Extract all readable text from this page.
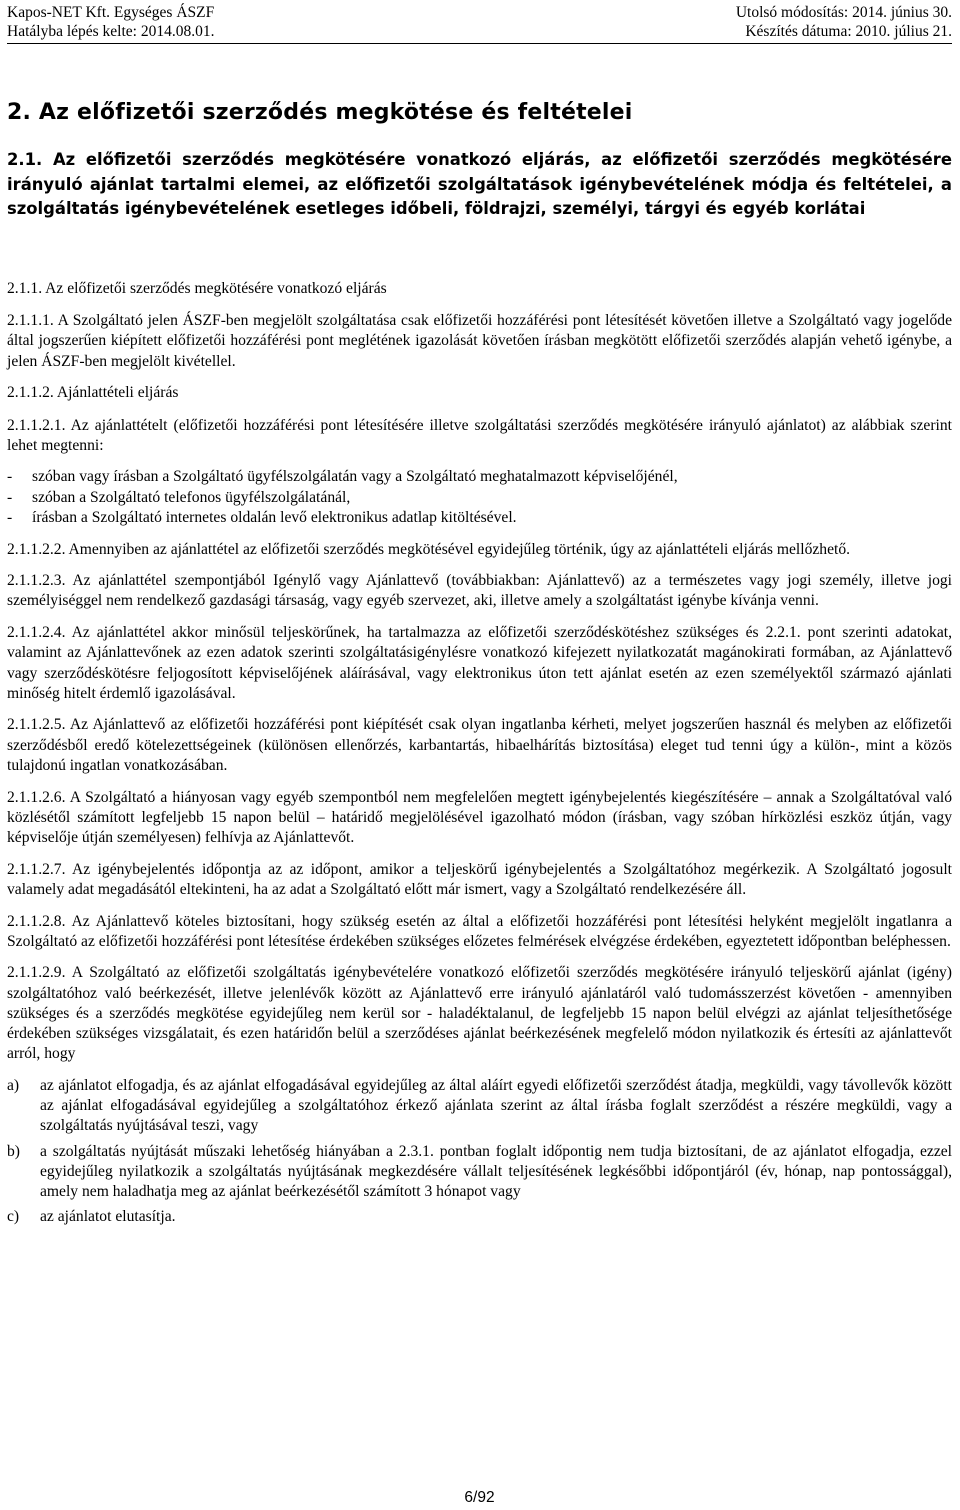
Kapos-NET Kft. Egységes ÁSZF
Hatályba lépés kelte: 2014.08.01.
Utolsó módosítás: 2014. június 30.
Készítés dátuma: 2010. július 21.
2. Az előfizetői szerződés megkötése és feltételei
2.1. Az előfizetői szerződés megkötésére vonatkozó eljárás, az előfizetői szerződés megkötésére irányuló ajánlat tartalmi elemei, az előfizetői szolgáltatások igénybevételének módja és feltételei, a szolgáltatás igénybevételének esetleges időbeli, földrajzi, személyi, tárgyi és egyéb korlátai
2.1.1. Az előfizetői szerződés megkötésére vonatkozó eljárás

2.1.1.1. A Szolgáltató jelen ÁSZF-ben megjelölt szolgáltatása csak előfizetői hozzáférési pont létesítését követően illetve a Szolgáltató vagy jogelőde által jogszerűen kiépített előfizetői hozzáférési pont meglétének igazolását követően írásban megkötött előfizetői szerződés alapján vehető igénybe, a jelen ÁSZF-ben megjelölt kivétellel.

2.1.1.2. Ajánlattételi eljárás

2.1.1.2.1. Az ajánlattételt (előfizetői hozzáférési pont létesítésére illetve szolgáltatási szerződés megkötésére irányuló ajánlatot) az alábbiak szerint lehet megtenni:

- szóban vagy írásban a Szolgáltató ügyfélszolgálatán vagy a Szolgáltató meghatalmazott képviselőjénél,
- szóban a Szolgáltató telefonos ügyfélszolgálatánál,
- írásban a Szolgáltató internetes oldalán levő elektronikus adatlap kitöltésével.

2.1.1.2.2. Amennyiben az ajánlattétel az előfizetői szerződés megkötésével egyidejűleg történik, úgy az ajánlattételi eljárás mellőzhető.

2.1.1.2.3. Az ajánlattétel szempontjából Igénylő vagy Ajánlattevő (továbbiakban: Ajánlattevő) az a természetes vagy jogi személy, illetve jogi személyiséggel nem rendelkező gazdasági társaság, vagy egyéb szervezet, aki, illetve amely a szolgáltatást igénybe kívánja venni.

2.1.1.2.4. Az ajánlattétel akkor minősül teljeskörűnek, ha tartalmazza az előfizetői szerződéskötéshez szükséges és 2.2.1. pont szerinti adatokat, valamint az Ajánlattevőnek az ezen adatok szerinti szolgáltatásigénylésre vonatkozó kifejezett nyilatkozatát magánokirati formában, az Ajánlattevő vagy szerződéskötésre feljogosított képviselőjének aláírásával, vagy elektronikus úton tett ajánlat esetén az ezen személyektől származó ajánlati minőség hitelt érdemlő igazolásával.

2.1.1.2.5. Az Ajánlattevő az előfizetői hozzáférési pont kiépítését csak olyan ingatlanba kérheti, melyet jogszerűen használ és melyben az előfizetői szerződésből eredő kötelezettségeinek (különösen ellenőrzés, karbantartás, hibaelhárítás biztosítása) eleget tud tenni úgy a külön-, mint a közös tulajdonú ingatlan vonatkozásában.

2.1.1.2.6. A Szolgáltató a hiányosan vagy egyéb szempontból nem megfelelően megtett igénybejelentés kiegészítésére – annak a Szolgáltatóval való közlésétől számított legfeljebb 15 napon belül – határidő megjelölésével igazolható módon (írásban, vagy szóban hírközlési eszköz útján, vagy képviselője útján személyesen) felhívja az Ajánlattevőt.

2.1.1.2.7. Az igénybejelentés időpontja az az időpont, amikor a teljeskörű igénybejelentés a Szolgáltatóhoz megérkezik. A Szolgáltató jogosult valamely adat megadásától eltekinteni, ha az adat a Szolgáltató előtt már ismert, vagy a Szolgáltató rendelkezésére áll.

2.1.1.2.8. Az Ajánlattevő köteles biztosítani, hogy szükség esetén az által a előfizetői hozzáférési pont létesítési helyként megjelölt ingatlanra a Szolgáltató az előfizetői hozzáférési pont létesítése érdekében szükséges előzetes felmérések elvégzése érdekében, egyeztetett időpontban beléphessen.

2.1.1.2.9. A Szolgáltató az előfizetői szolgáltatás igénybevételére vonatkozó előfizetői szerződés megkötésére irányuló teljeskörű ajánlat (igény) szolgáltatóhoz való beérkezését, illetve jelenlévők között az Ajánlattevő erre irányuló ajánlatáról való tudomásszerzést követően - amennyiben szükséges és a szerződés megkötése egyidejűleg nem kerül sor - haladéktalanul, de legfeljebb 15 napon belül elvégzi az ajánlat teljesíthetősége érdekében szükséges vizsgálatait, és ezen határidőn belül a szerződéses ajánlat beérkezésének megfelelő módon nyilatkozik és értesíti az ajánlattevőt arról, hogy

a) az ajánlatot elfogadja, és az ajánlat elfogadásával egyidejűleg az által aláírt egyedi előfizetői szerződést átadja, megküldi, vagy távollevők között az ajánlat elfogadásával egyidejűleg a szolgáltatóhoz érkező ajánlata szerint az által írásba foglalt szerződést a részére megküldi, vagy a szolgáltatás nyújtásával teszi, vagy
b) a szolgáltatás nyújtását műszaki lehetőség hiányában a 2.3.1. pontban foglalt időpontig nem tudja biztosítani, de az ajánlatot elfogadja, ezzel egyidejűleg nyilatkozik a szolgáltatás nyújtásának megkezdésére vállalt teljesítésének legkésőbbi időpontjáról (év, hónap, nap pontossággal), amely nem haladhatja meg az ajánlat beérkezésétől számított 3 hónapot vagy
c) az ajánlatot elutasítja.
6/92
